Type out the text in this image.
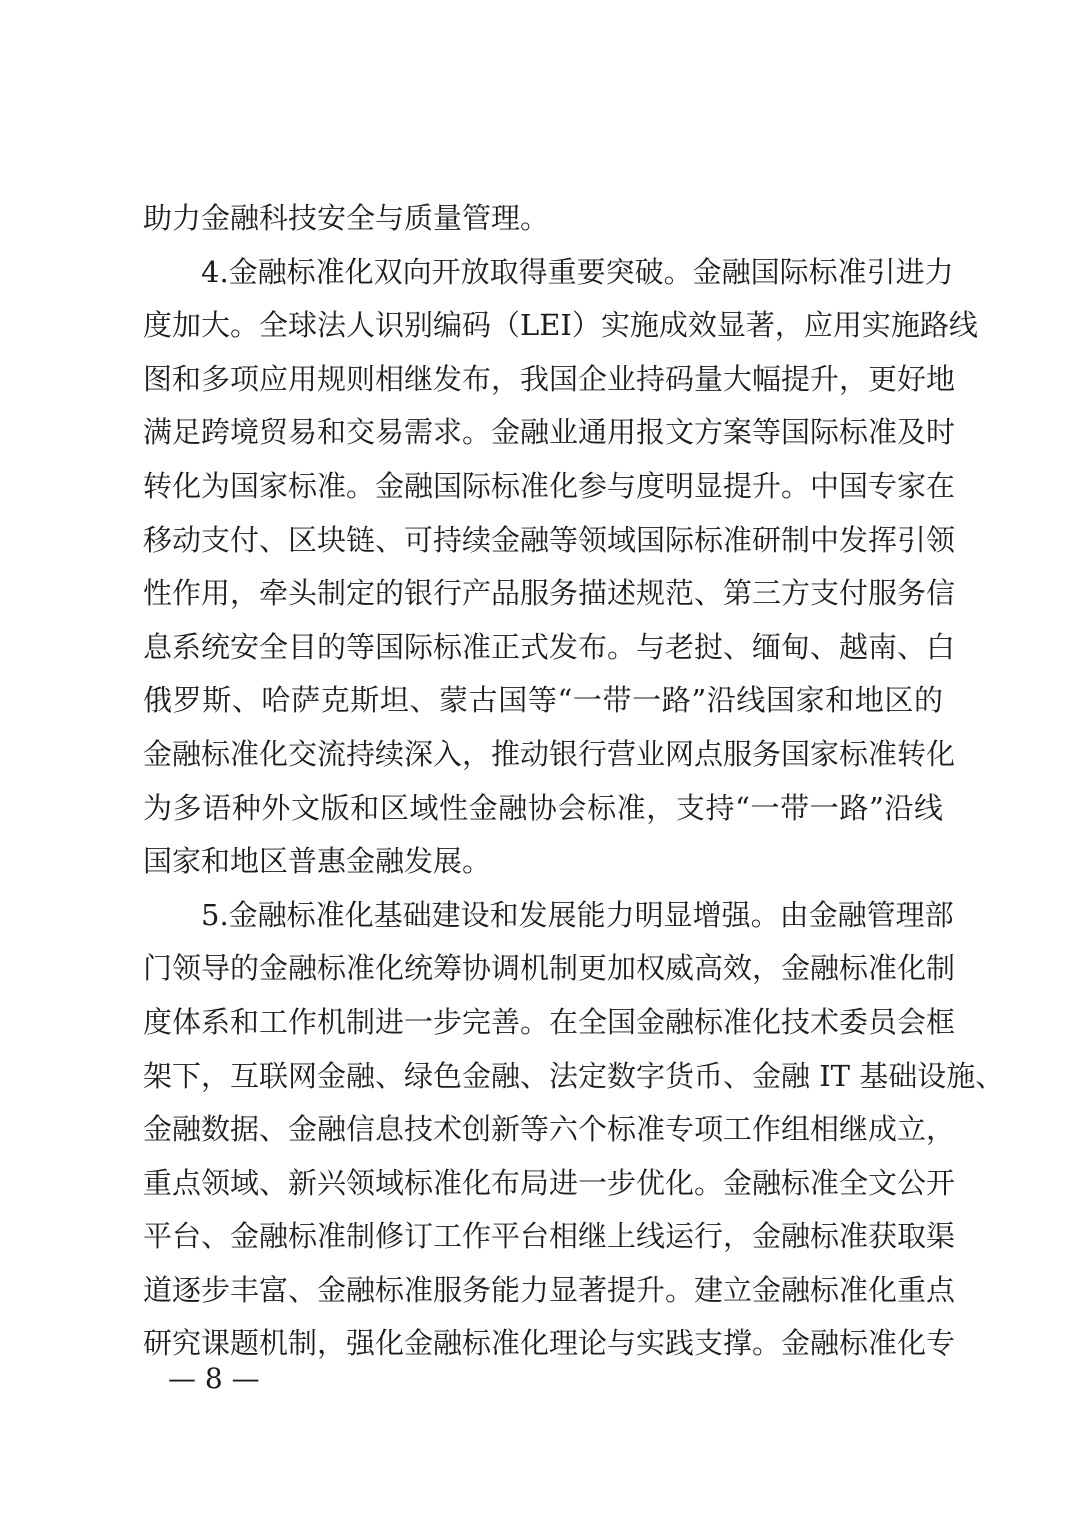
助力金融科技安全与质量管理。
4.金融标准化双向开放取得重要突破。金融国际标准引进力
度加大。全球法人识别编码（LEI）实施成效显著，应用实施路线
图和多项应用规则相继发布，我国企业持码量大幅提升，更好地
满足跨境贸易和交易需求。金融业通用报文方案等国际标准及时
转化为国家标准。金融国际标准化参与度明显提升。中国专家在
移动支付、区块链、可持续金融等领域国际标准研制中发挥引领
性作用，牵头制定的银行产品服务描述规范、第三方支付服务信
息系统安全目的等国际标准正式发布。与老挝、缅甸、越南、白
俄罗斯、哈萨克斯坦、蒙古国等“一带一路”沿线国家和地区的
金融标准化交流持续深入，推动银行营业网点服务国家标准转化
为多语种外文版和区域性金融协会标准，支持“一带一路”沿线
国家和地区普惠金融发展。
5.金融标准化基础建设和发展能力明显增强。由金融管理部
门领导的金融标准化统筹协调机制更加权威高效，金融标准化制
度体系和工作机制进一步完善。在全国金融标准化技术委员会框
架下，互联网金融、绿色金融、法定数字货币、金融 IT 基础设施、
金融数据、金融信息技术创新等六个标准专项工作组相继成立，
重点领域、新兴领域标准化布局进一步优化。金融标准全文公开
平台、金融标准制修订工作平台相继上线运行，金融标准获取渠
道逐步丰富、金融标准服务能力显著提升。建立金融标准化重点
研究课题机制，强化金融标准化理论与实践支撑。金融标准化专
— 8 —
